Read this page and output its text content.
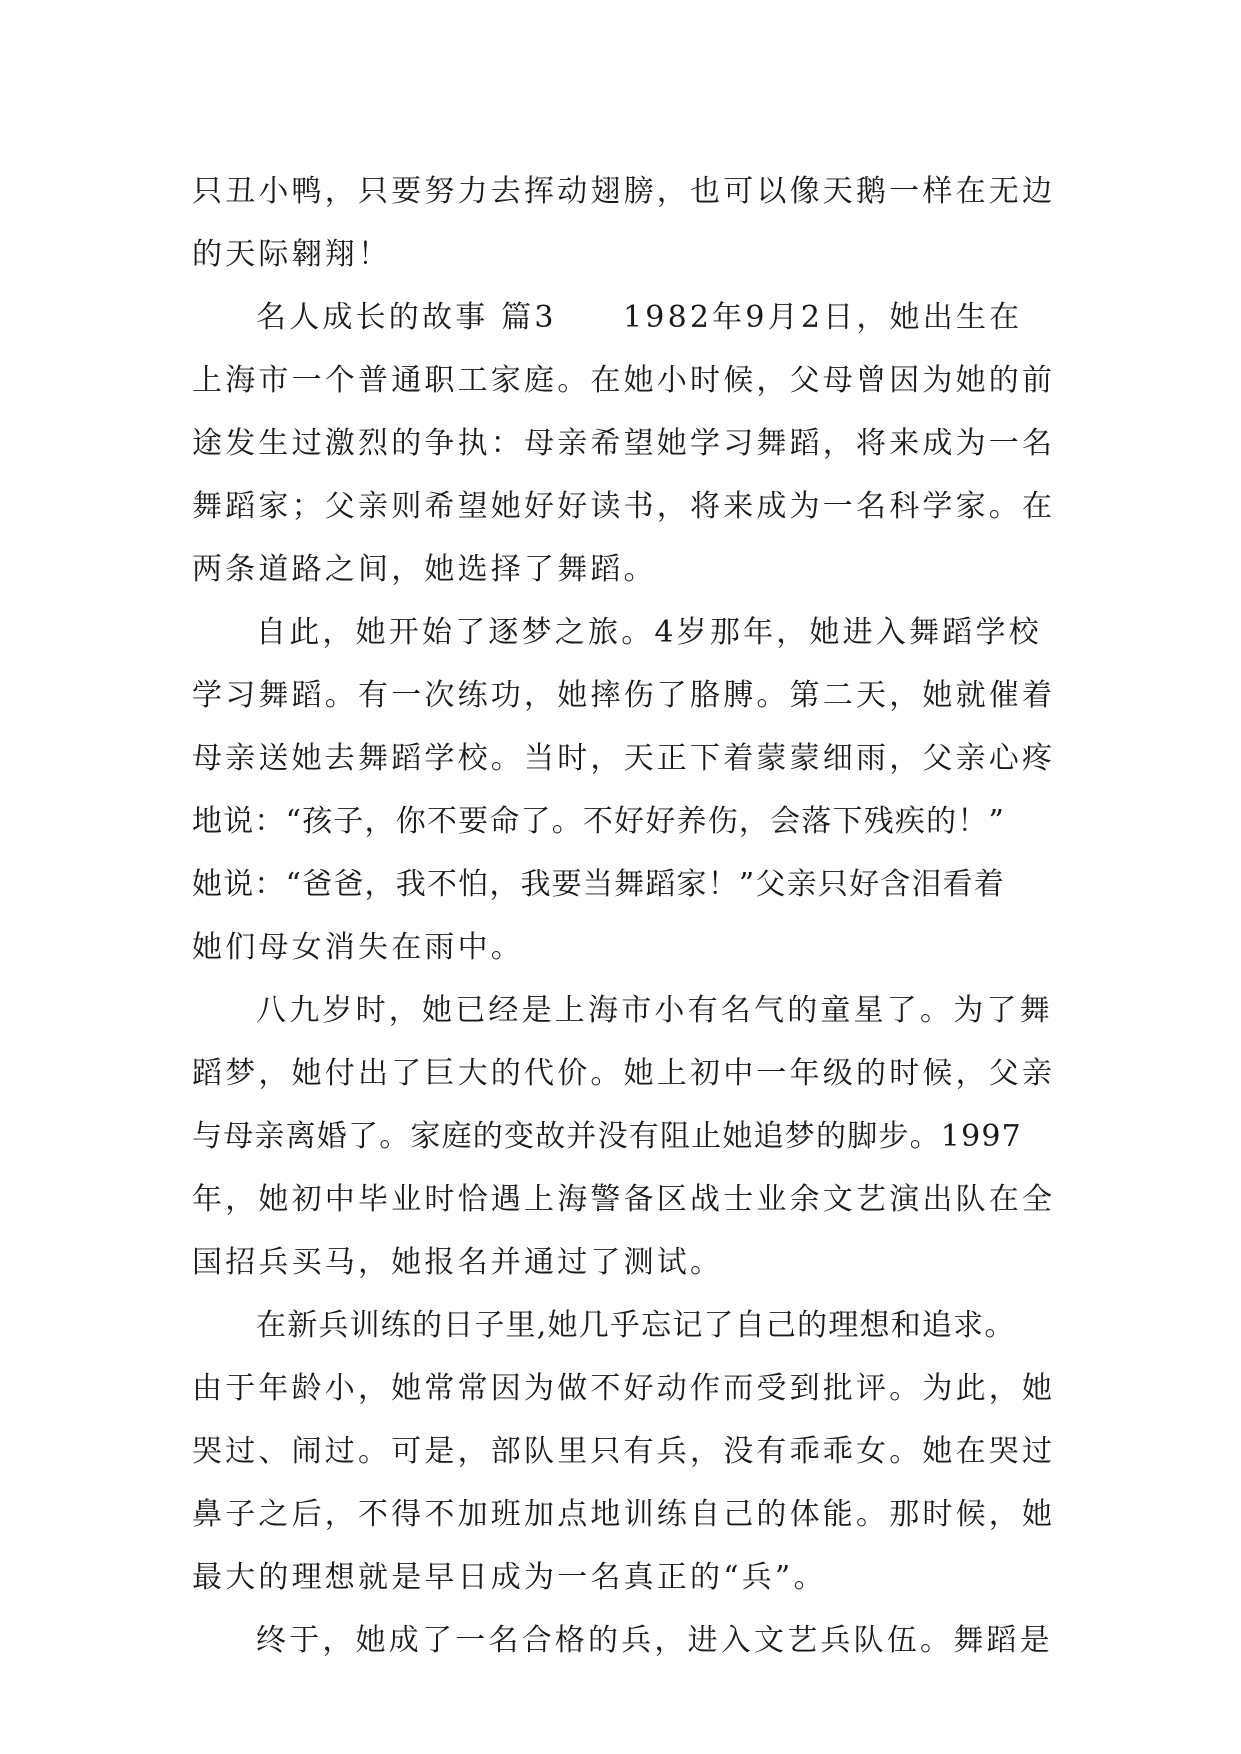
只丑小鸭，只要努力去挥动翅膀，也可以像天鹅一样在无边
的天际翱翔！
名人成长的故事 篇3　　1982年9月2日，她出生在
上海市一个普通职工家庭。在她小时候，父母曾因为她的前
途发生过激烈的争执：母亲希望她学习舞蹈，将来成为一名
舞蹈家；父亲则希望她好好读书，将来成为一名科学家。在
两条道路之间，她选择了舞蹈。
自此，她开始了逐梦之旅。4岁那年，她进入舞蹈学校
学习舞蹈。有一次练功，她摔伤了胳膊。第二天，她就催着
母亲送她去舞蹈学校。当时，天正下着蒙蒙细雨，父亲心疼
地说：“孩子，你不要命了。不好好养伤，会落下残疾的！”
她说：“爸爸，我不怕，我要当舞蹈家！”父亲只好含泪看着
她们母女消失在雨中。
八九岁时，她已经是上海市小有名气的童星了。为了舞
蹈梦，她付出了巨大的代价。她上初中一年级的时候，父亲
与母亲离婚了。家庭的变故并没有阻止她追梦的脚步。1997
年，她初中毕业时恰遇上海警备区战士业余文艺演出队在全
国招兵买马，她报名并通过了测试。
在新兵训练的日子里,她几乎忘记了自己的理想和追求。
由于年龄小，她常常因为做不好动作而受到批评。为此，她
哭过、闹过。可是，部队里只有兵，没有乖乖女。她在哭过
鼻子之后，不得不加班加点地训练自己的体能。那时候，她
最大的理想就是早日成为一名真正的“兵”。
终于，她成了一名合格的兵，进入文艺兵队伍。舞蹈是
